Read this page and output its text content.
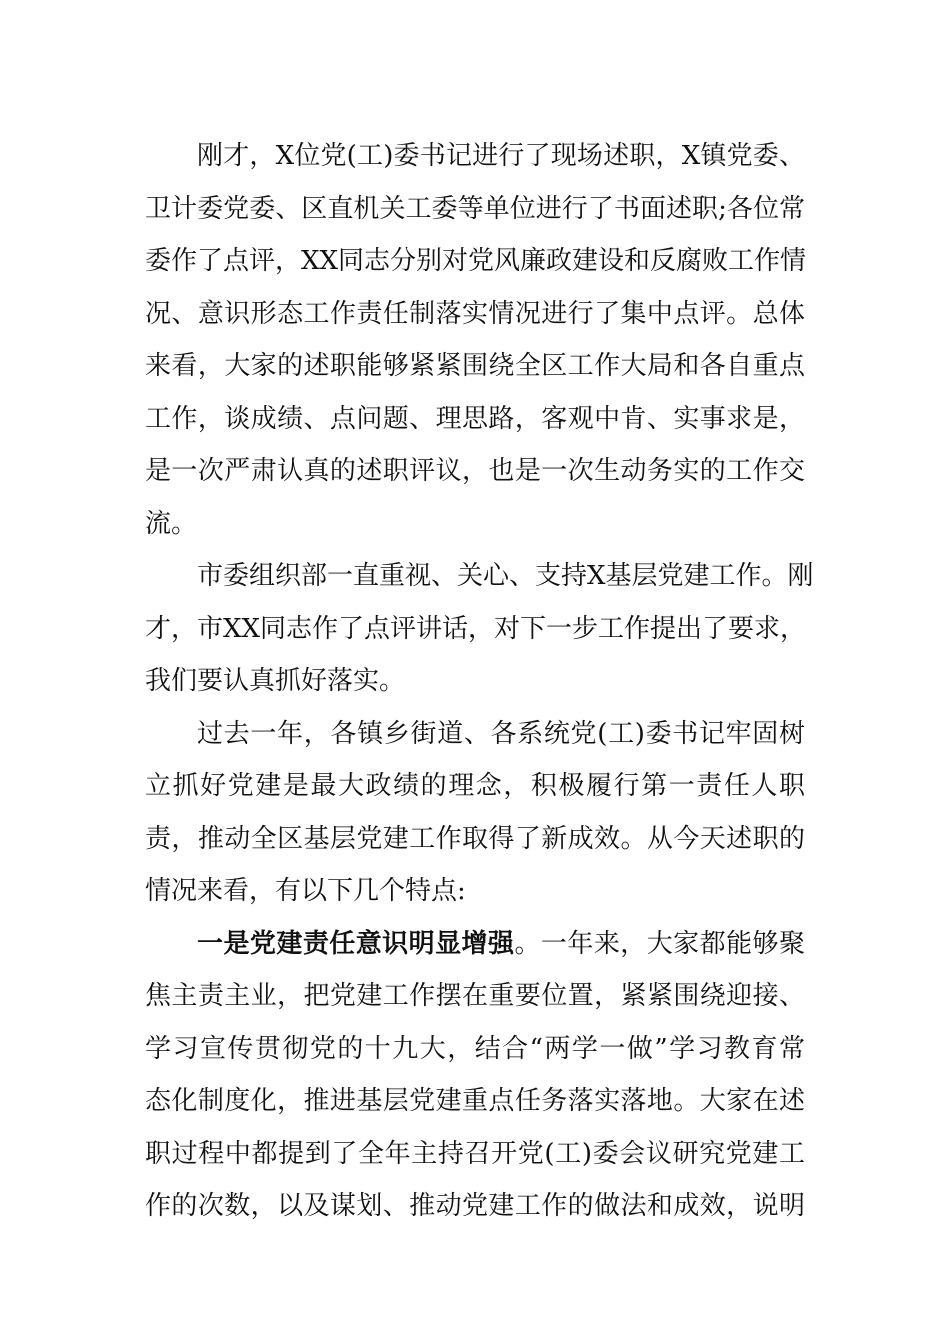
刚才，X位党(工)委书记进行了现场述职，X镇党委、
卫计委党委、区直机关工委等单位进行了书面述职;各位常
委作了点评，XX同志分别对党风廉政建设和反腐败工作情
况、意识形态工作责任制落实情况进行了集中点评。总体
来看，大家的述职能够紧紧围绕全区工作大局和各自重点
工作，谈成绩、点问题、理思路，客观中肯、实事求是，
是一次严肃认真的述职评议，也是一次生动务实的工作交
流。
市委组织部一直重视、关心、支持X基层党建工作。刚
才，市XX同志作了点评讲话，对下一步工作提出了要求，
我们要认真抓好落实。
过去一年，各镇乡街道、各系统党(工)委书记牢固树
立抓好党建是最大政绩的理念，积极履行第一责任人职
责，推动全区基层党建工作取得了新成效。从今天述职的
情况来看，有以下几个特点:
一是党建责任意识明显增强。一年来，大家都能够聚
焦主责主业，把党建工作摆在重要位置，紧紧围绕迎接、
学习宣传贯彻党的十九大，结合“两学一做”学习教育常
态化制度化，推进基层党建重点任务落实落地。大家在述
职过程中都提到了全年主持召开党(工)委会议研究党建工
作的次数，以及谋划、推动党建工作的做法和成效，说明
